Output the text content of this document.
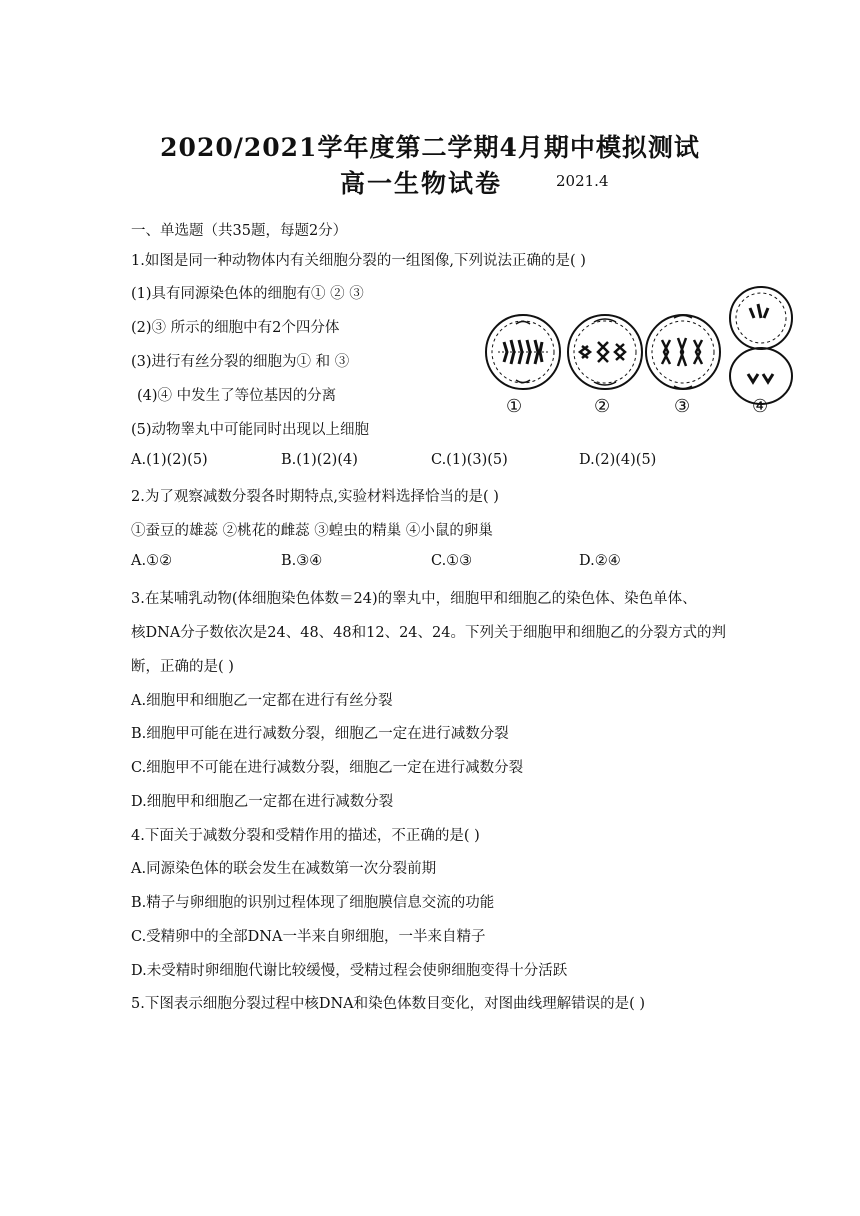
2020/2021学年度第二学期4月期中模拟测试
高一生物试卷	2021.4
一、单选题（共35题，每题2分）
1.如图是同一种动物体内有关细胞分裂的一组图像,下列说法正确的是( )
(1)具有同源染色体的细胞有① ② ③
(2)③ 所示的细胞中有2个四分体
(3)进行有丝分裂的细胞为① 和 ③
(4)④ 中发生了等位基因的分离
(5)动物睾丸中可能同时出现以上细胞
①	②	③	④
A.(1)(2)(5)	B.(1)(2)(4)	C.(1)(3)(5)	D.(2)(4)(5)
2.为了观察减数分裂各时期特点,实验材料选择恰当的是( )
①蚕豆的雄蕊 ②桃花的雌蕊 ③蝗虫的精巢 ④小鼠的卵巢
A.①②	B.③④	C.①③	D.②④
3.在某哺乳动物(体细胞染色体数＝24)的睾丸中，细胞甲和细胞乙的染色体、染色单体、
核DNA分子数依次是24、48、48和12、24、24。下列关于细胞甲和细胞乙的分裂方式的判
断，正确的是( )
A.细胞甲和细胞乙一定都在进行有丝分裂
B.细胞甲可能在进行减数分裂，细胞乙一定在进行减数分裂
C.细胞甲不可能在进行减数分裂，细胞乙一定在进行减数分裂
D.细胞甲和细胞乙一定都在进行减数分裂
4.下面关于减数分裂和受精作用的描述，不正确的是( )
A.同源染色体的联会发生在减数第一次分裂前期
B.精子与卵细胞的识别过程体现了细胞膜信息交流的功能
C.受精卵中的全部DNA一半来自卵细胞，一半来自精子
D.未受精时卵细胞代谢比较缓慢，受精过程会使卵细胞变得十分活跃
5.下图表示细胞分裂过程中核DNA和染色体数目变化，对图曲线理解错误的是( )
